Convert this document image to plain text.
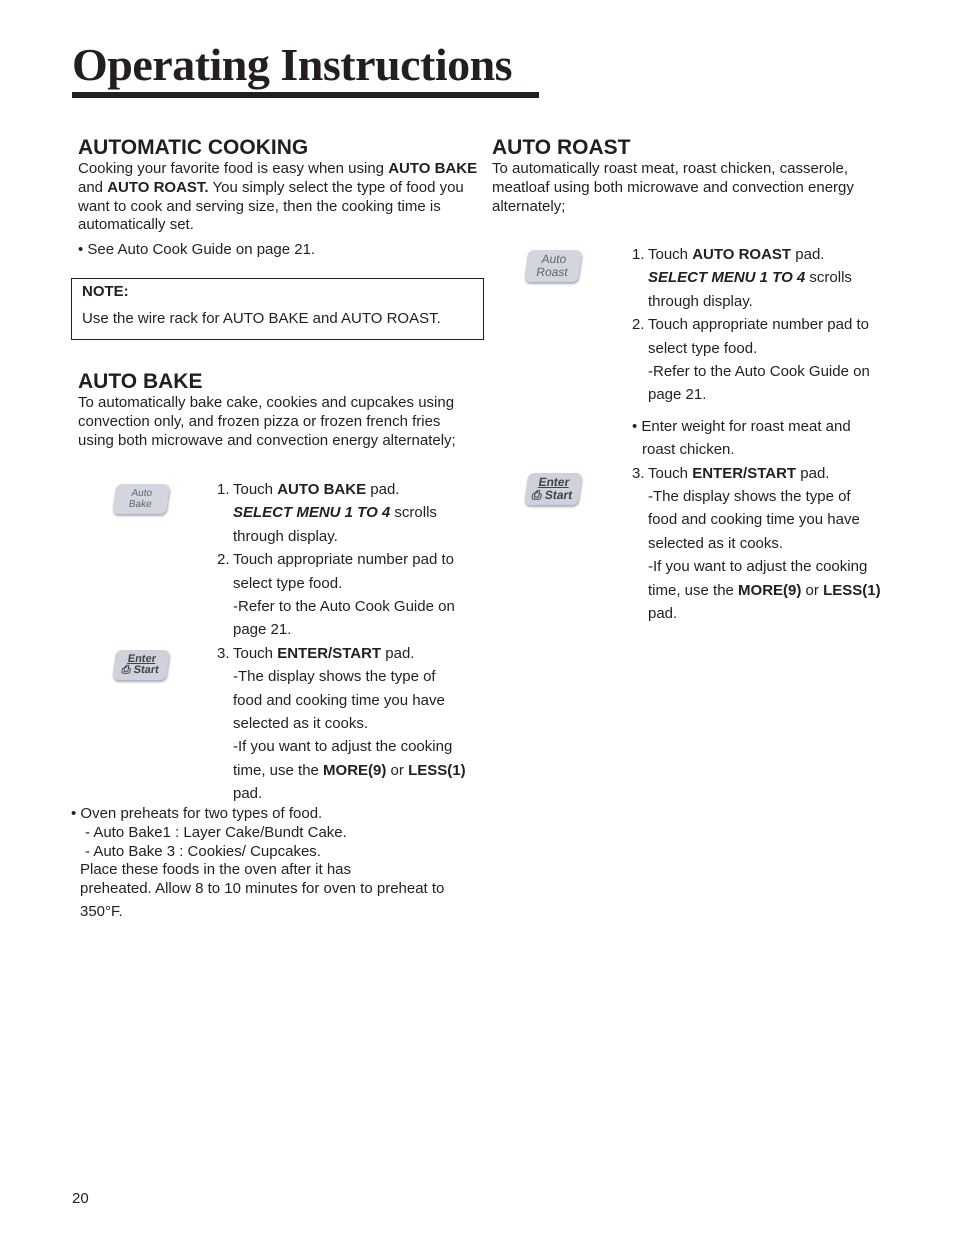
Operating Instructions
AUTOMATIC COOKING
Cooking your favorite food is easy when using AUTO BAKE and AUTO ROAST. You simply select the type of food you want to cook and serving size, then the cooking time is automatically set.
• See Auto Cook Guide on page 21.
NOTE:
Use the wire rack for AUTO BAKE and AUTO ROAST.
AUTO BAKE
To automatically bake cake, cookies and cupcakes using convection only, and frozen pizza or frozen french fries using both microwave and convection energy alternately;
Auto
Bake
Enter
⎙ Start
1. Touch AUTO BAKE pad.
SELECT MENU 1 TO 4 scrolls
through display.
2. Touch appropriate number pad to
select type food.
-Refer to the Auto Cook Guide on
page 21.
3. Touch ENTER/START pad.
-The display shows the type of
food and cooking time you have
selected as it cooks.
-If you want to adjust the cooking
time, use the MORE(9) or LESS(1)
pad.
• Oven preheats for two types of food.
- Auto Bake1 : Layer Cake/Bundt Cake.
- Auto Bake 3 : Cookies/ Cupcakes.
Place these foods in the oven after it has
preheated. Allow 8 to 10 minutes for oven to preheat to
350°F.
AUTO ROAST
To automatically roast meat, roast chicken, casserole, meatloaf using both microwave and convection energy alternately;
Auto
Roast
Enter
⎙ Start
1. Touch AUTO ROAST pad.
SELECT MENU 1 TO 4 scrolls
through display.
2. Touch appropriate number pad to
select type food.
-Refer to the Auto Cook Guide on
page 21.
• Enter weight for roast meat and
roast chicken.
3. Touch ENTER/START pad.
-The display shows the type of
food and cooking time you have
selected as it cooks.
-If you want to adjust the cooking
time, use the MORE(9) or LESS(1)
pad.
20
